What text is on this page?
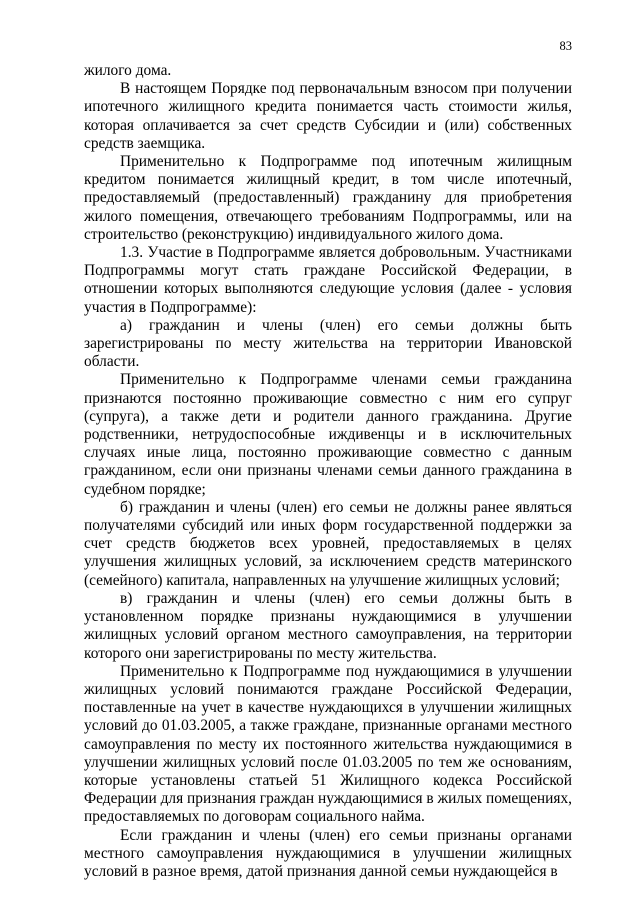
83

жилого дома.

В настоящем Порядке под первоначальным взносом при получении ипотечного жилищного кредита понимается часть стоимости жилья, которая оплачивается за счет средств Субсидии и (или) собственных средств заемщика.

Применительно к Подпрограмме под ипотечным жилищным кредитом понимается жилищный кредит, в том числе ипотечный, предоставляемый (предоставленный) гражданину для приобретения жилого помещения, отвечающего требованиям Подпрограммы, или на строительство (реконструкцию) индивидуального жилого дома.

1.3. Участие в Подпрограмме является добровольным. Участниками Подпрограммы могут стать граждане Российской Федерации, в отношении которых выполняются следующие условия (далее - условия участия в Подпрограмме):

а) гражданин и члены (член) его семьи должны быть зарегистрированы по месту жительства на территории Ивановской области.

Применительно к Подпрограмме членами семьи гражданина признаются постоянно проживающие совместно с ним его супруг (супруга), а также дети и родители данного гражданина. Другие родственники, нетрудоспособные иждивенцы и в исключительных случаях иные лица, постоянно проживающие совместно с данным гражданином, если они признаны членами семьи данного гражданина в судебном порядке;

б) гражданин и члены (член) его семьи не должны ранее являться получателями субсидий или иных форм государственной поддержки за счет средств бюджетов всех уровней, предоставляемых в целях улучшения жилищных условий, за исключением средств материнского (семейного) капитала, направленных на улучшение жилищных условий;

в) гражданин и члены (член) его семьи должны быть в установленном порядке признаны нуждающимися в улучшении жилищных условий органом местного самоуправления, на территории которого они зарегистрированы по месту жительства.

Применительно к Подпрограмме под нуждающимися в улучшении жилищных условий понимаются граждане Российской Федерации, поставленные на учет в качестве нуждающихся в улучшении жилищных условий до 01.03.2005, а также граждане, признанные органами местного самоуправления по месту их постоянного жительства нуждающимися в улучшении жилищных условий после 01.03.2005 по тем же основаниям, которые установлены статьей 51 Жилищного кодекса Российской Федерации для признания граждан нуждающимися в жилых помещениях, предоставляемых по договорам социального найма.

Если гражданин и члены (член) его семьи признаны органами местного самоуправления нуждающимися в улучшении жилищных условий в разное время, датой признания данной семьи нуждающейся в
